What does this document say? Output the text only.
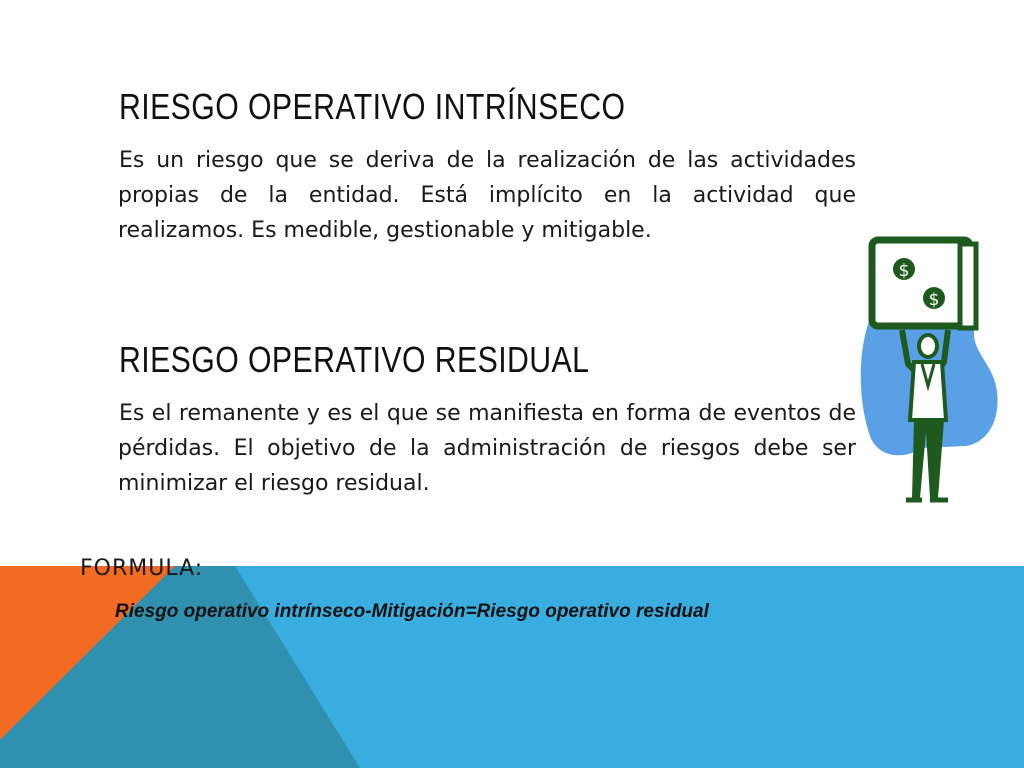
RIESGO OPERATIVO INTRÍNSECO

Es un riesgo que se deriva de la realización de las actividades propias de la entidad. Está implícito en la actividad que realizamos. Es medible, gestionable y mitigable.

RIESGO OPERATIVO RESIDUAL

Es el remanente y es el que se manifiesta en forma de eventos de pérdidas. El objetivo de la administración de riesgos debe ser minimizar el riesgo residual.

FORMULA:

Riesgo operativo intrínseco-Mitigación=Riesgo operativo residual

$
$
